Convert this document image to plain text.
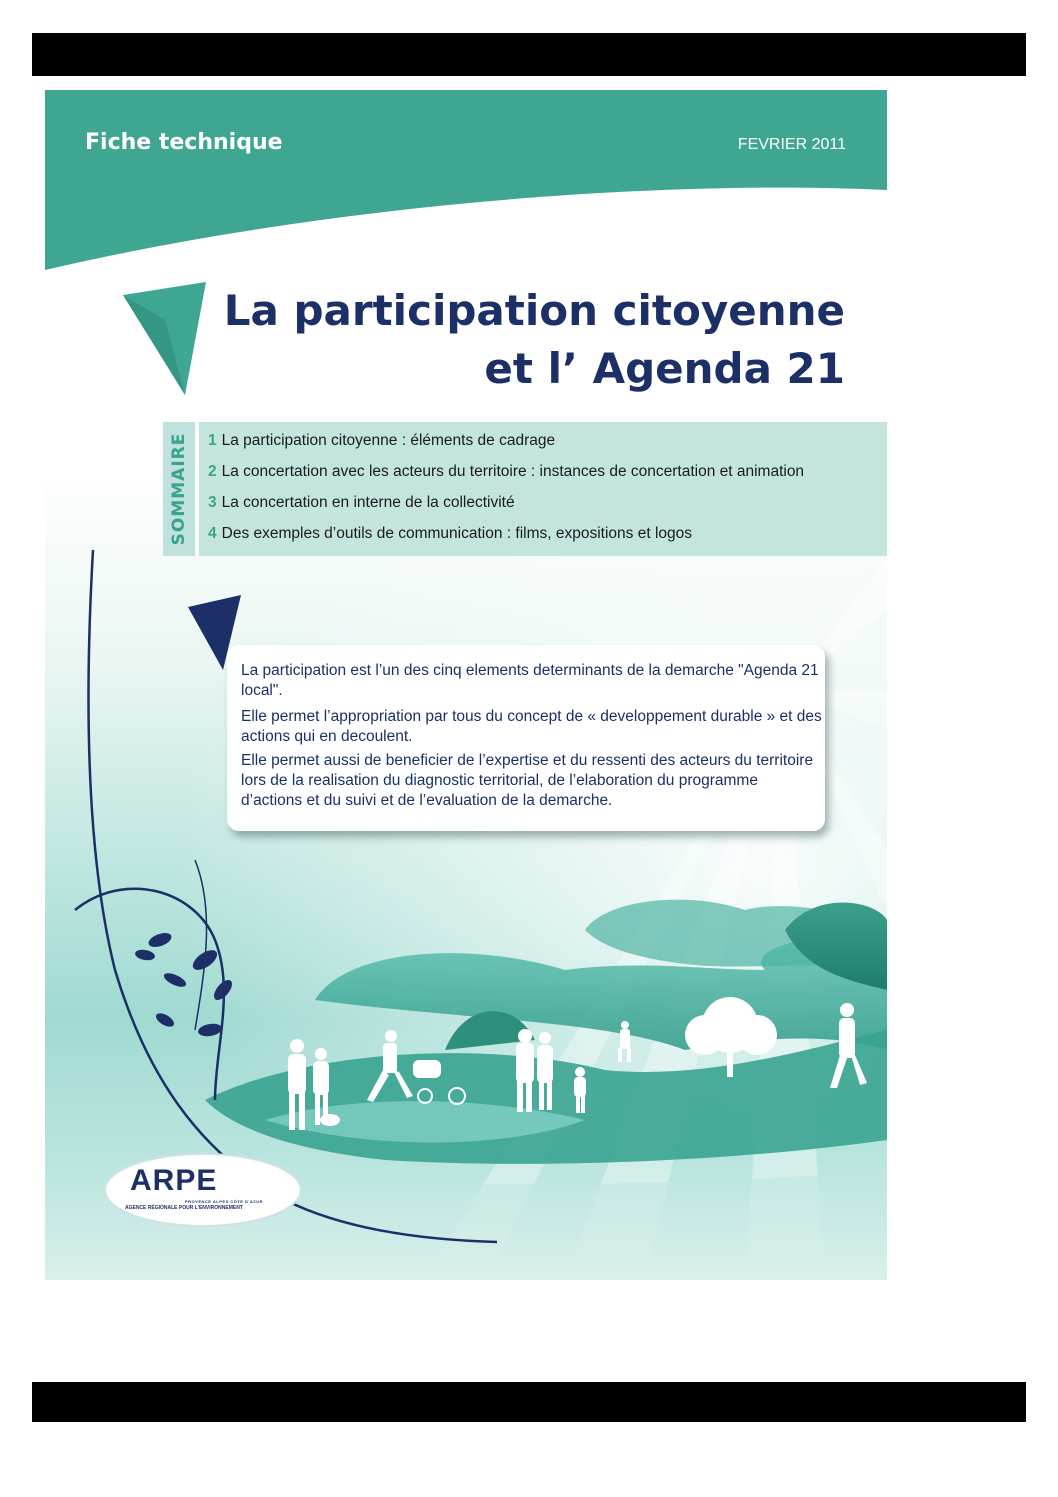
Fiche technique	FEVRIER 2011
La participation citoyenne
et l’ Agenda 21
SOMMAIRE 1 La participation citoyenne : éléments de cadrage
2 La concertation avec les acteurs du territoire : instances de concertation et animation
3 La concertation en interne de la collectivité
4 Des exemples d’outils de communication : films, expositions et logos

La participation est l’un des cinq elements determinants de la demarche "Agenda 21 local".

Elle permet l’appropriation par tous du concept de « developpement durable » et des actions qui en decoulent.

Elle permet aussi de beneficier de l’expertise et du ressenti des acteurs du territoire lors de la realisation du diagnostic territorial, de l’elaboration du programme d’actions et du suivi et de l’evaluation de la demarche.

ARPE
PROVENCE ALPES CÔTE D'AZUR
AGENCE RÉGIONALE POUR L'ENVIRONNEMENT
